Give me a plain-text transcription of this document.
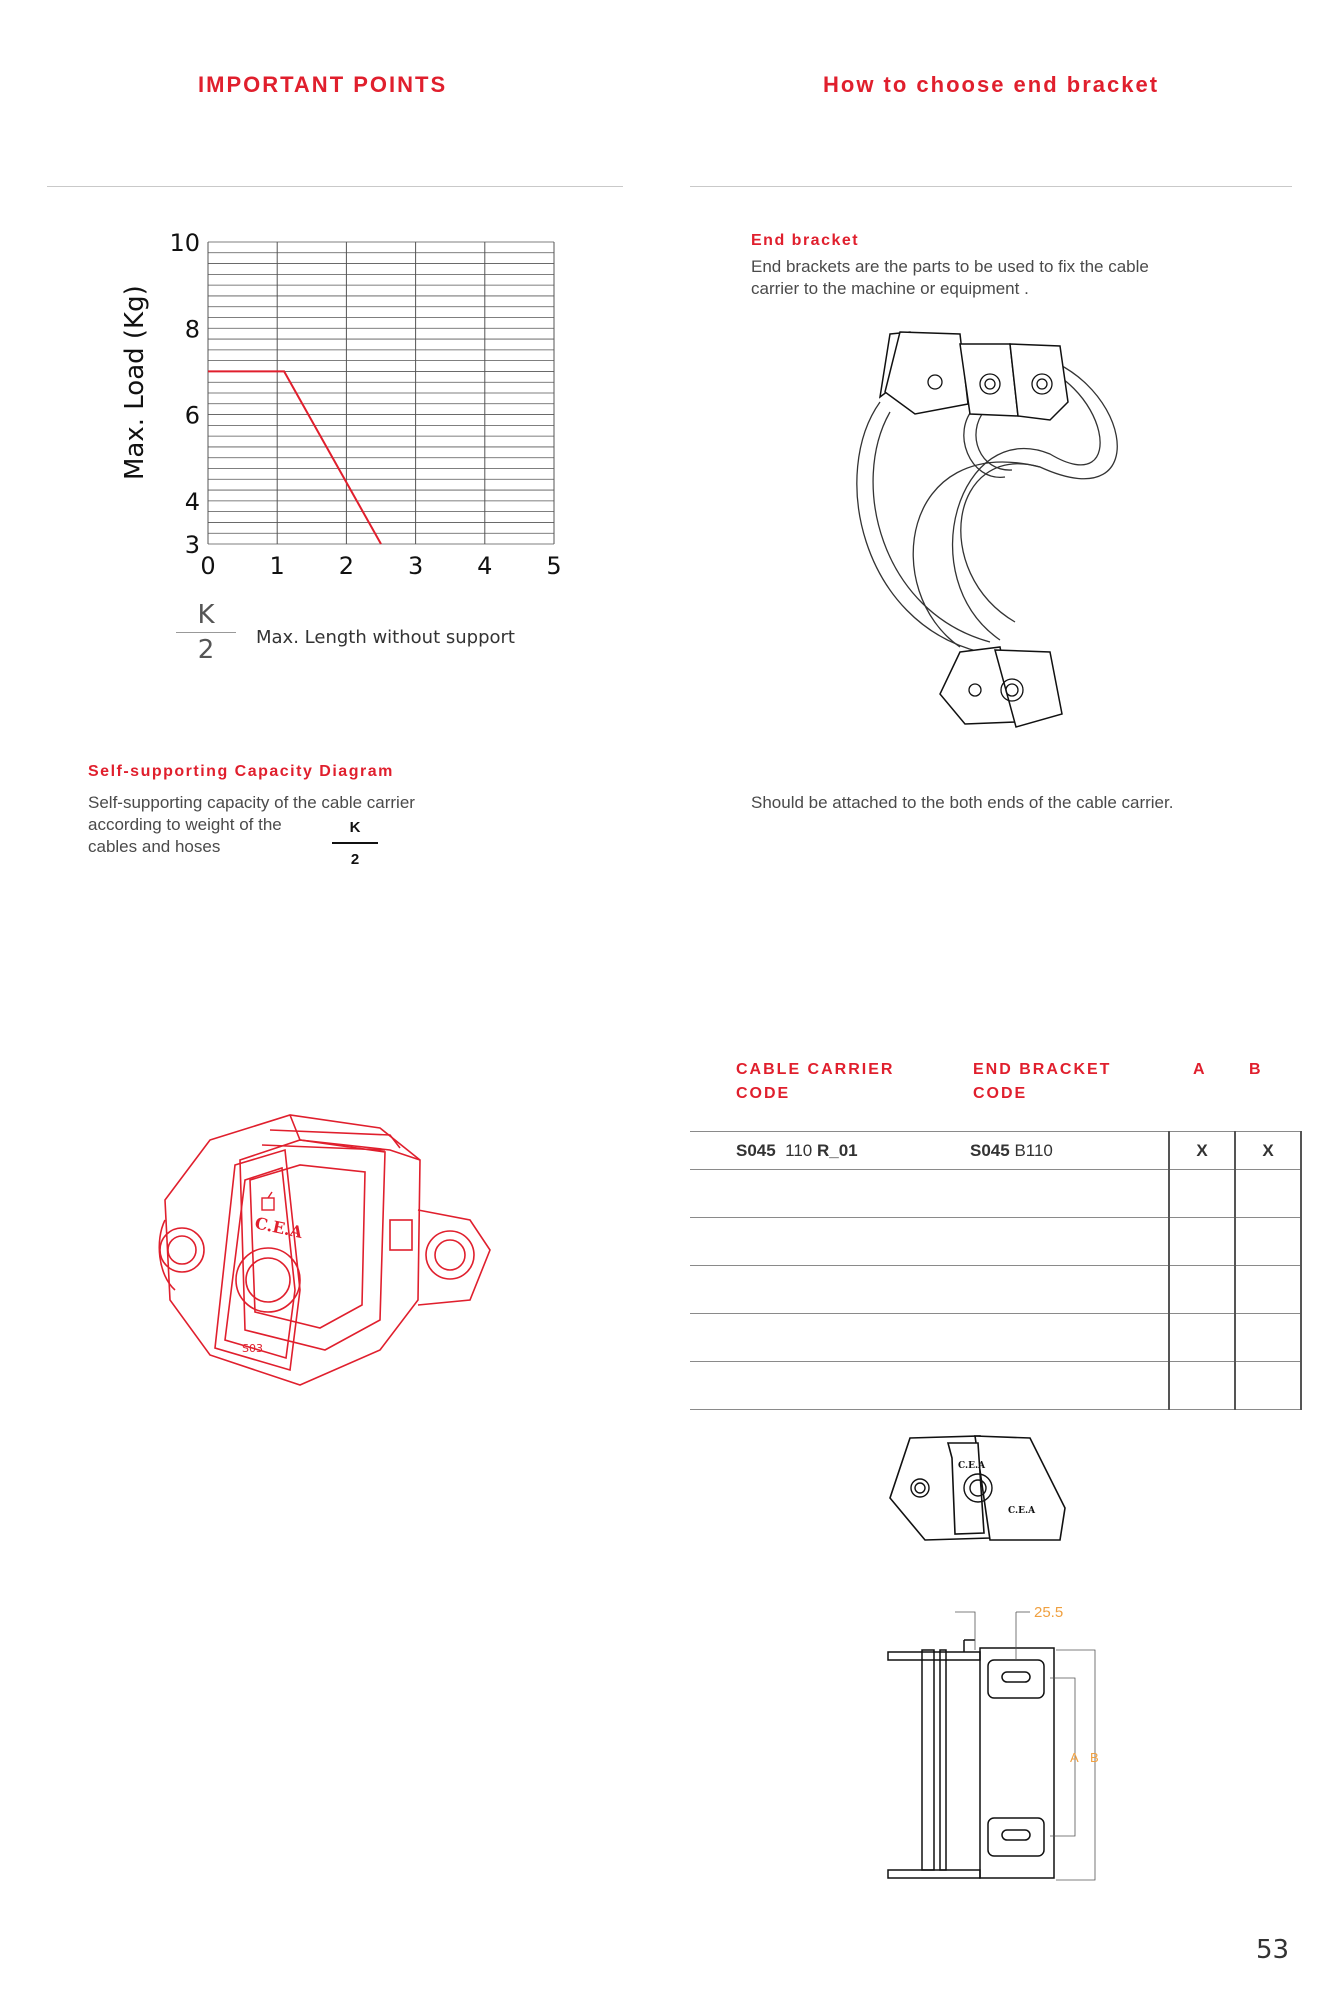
IMPORTANT POINTS
0 1 2 3 4 5
3
4
6
8
10
Max. Load (Kg)
K
2	Max. Length without support
Self-supporting Capacity Diagram
Self-supporting capacity of the cable carrier
according to weight of the
cables and hoses
K
2
C.E.A
S03
How to choose end bracket
End bracket
End brackets are the parts to be used to fix the cable
carrier to the machine or equipment .
Should be attached to the both ends of the cable carrier.
CABLE CARRIER
CODE
END BRACKET
CODE
A	B
S045 110 R_01	S045 B110	X	X

C.E.A
C.E.A
25.5
A B
53
